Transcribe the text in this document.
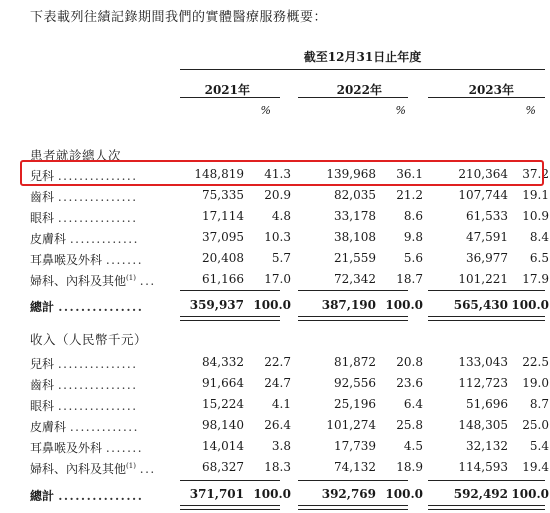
下表載列往績記錄期間我們的實體醫療服務概要：
截至12月31日止年度
2021年	2022年	2023年
%	%	%
患者就診總人次
兒科 ...............	148,819	41.3	139,968	36.1	210,364	37.2
齒科 ...............	75,335	20.9	82,035	21.2	107,744	19.1
眼科 ...............	17,114	4.8	33,178	8.6	61,533	10.9
皮膚科 .............	37,095	10.3	38,108	9.8	47,591	8.4
耳鼻喉及外科 .......	20,408	5.7	21,559	5.6	36,977	6.5
婦科、內科及其他$^{(1)}$ ...	61,166	17.0	72,342	18.7	101,221	17.9
總計 ...............	359,937 100.0	387,190 100.0	565,430 100.0
收入（人民幣千元）
兒科 ...............	84,332	22.7	81,872	20.8	133,043	22.5
齒科 ...............	91,664	24.7	92,556	23.6	112,723	19.0
眼科 ...............	15,224	4.1	25,196	6.4	51,696	8.7
皮膚科 .............	98,140	26.4	101,274	25.8	148,305	25.0
耳鼻喉及外科 .......	14,014	3.8	17,739	4.5	32,132	5.4
婦科、內科及其他$^{(1)}$ ...	68,327	18.3	74,132	18.9	114,593	19.4
總計 ...............	371,701 100.0	392,769 100.0	592,492 100.0
